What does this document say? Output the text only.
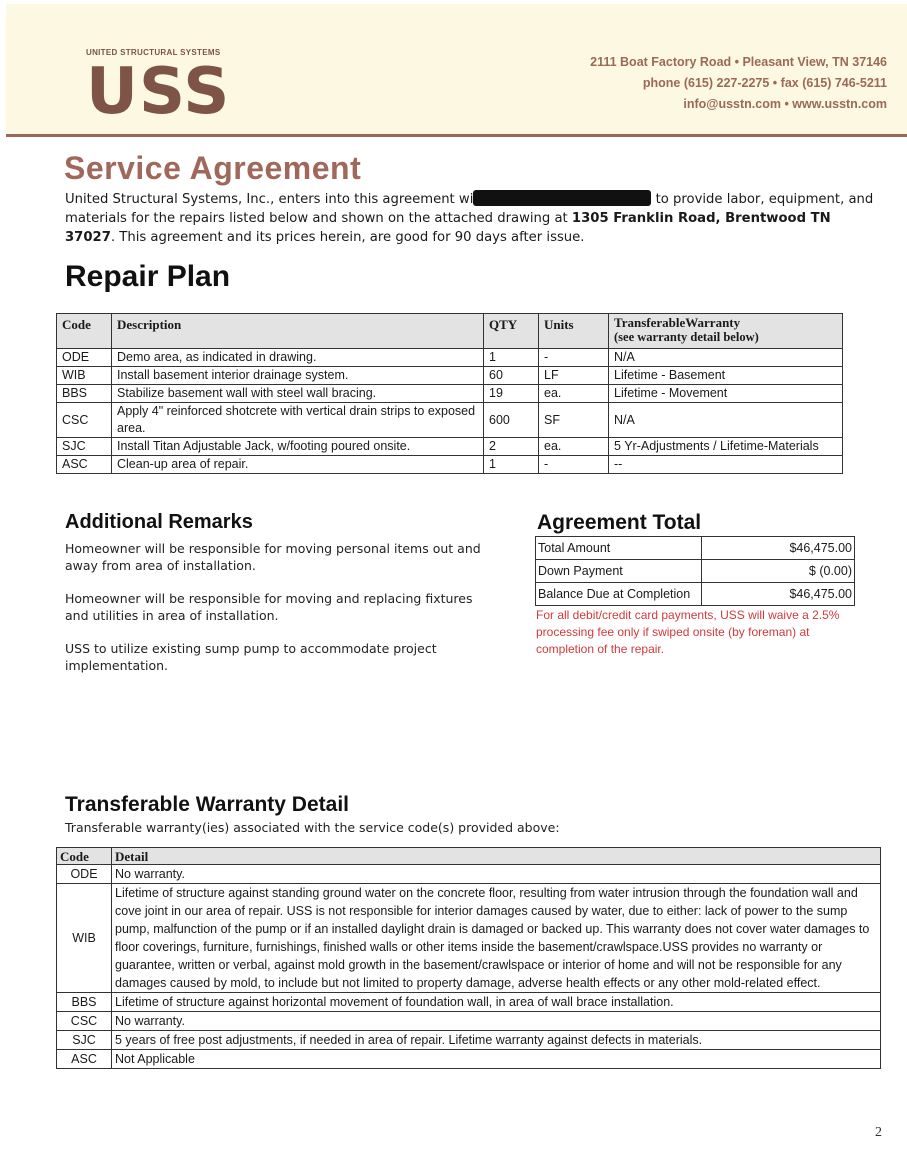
UNITED STRUCTURAL SYSTEMS
USS	2111 Boat Factory Road • Pleasant View, TN 37146
phone (615) 227-2275 • fax (615) 746-5211
info@usstn.com • www.usstn.com
Service Agreement
United Structural Systems, Inc., enters into this agreement wi	to provide labor, equipment, and materials for the repairs listed below and shown on the attached drawing at 1305 Franklin Road, Brentwood TN 37027. This agreement and its prices herein, are good for 90 days after issue.
Repair Plan
Code	Description	QTY	Units	TransferableWarranty
(see warranty detail below)
ODE	Demo area, as indicated in drawing.	1	-	N/A
WIB	Install basement interior drainage system.	60	LF	Lifetime - Basement
BBS	Stabilize basement wall with steel wall bracing.	19	ea.	Lifetime - Movement
CSC	Apply 4" reinforced shotcrete with vertical drain strips to exposed area.	600	SF	N/A
SJC	Install Titan Adjustable Jack, w/footing poured onsite.	2	ea.	5 Yr-Adjustments / Lifetime-Materials
ASC	Clean-up area of repair.	1	-	--
Additional Remarks
Homeowner will be responsible for moving personal items out and away from area of installation.
Homeowner will be responsible for moving and replacing fixtures and utilities in area of installation.
USS to utilize existing sump pump to accommodate project implementation.
Agreement Total
Total Amount	$46,475.00
Down Payment	$ (0.00)
Balance Due at Completion	$46,475.00
For all debit/credit card payments, USS will waive a 2.5% processing fee only if swiped onsite (by foreman) at completion of the repair.
Transferable Warranty Detail
Transferable warranty(ies) associated with the service code(s) provided above:
Code	Detail
ODE	No warranty.
WIB	Lifetime of structure against standing ground water on the concrete floor, resulting from water intrusion through the foundation wall and cove joint in our area of repair. USS is not responsible for interior damages caused by water, due to either: lack of power to the sump pump, malfunction of the pump or if an installed daylight drain is damaged or backed up. This warranty does not cover water damages to floor coverings, furniture, furnishings, finished walls or other items inside the basement/crawlspace.USS provides no warranty or guarantee, written or verbal, against mold growth in the basement/crawlspace or interior of home and will not be responsible for any damages caused by mold, to include but not limited to property damage, adverse health effects or any other mold-related effect.
BBS	Lifetime of structure against horizontal movement of foundation wall, in area of wall brace installation.
CSC	No warranty.
SJC	5 years of free post adjustments, if needed in area of repair. Lifetime warranty against defects in materials.
ASC	Not Applicable
2
